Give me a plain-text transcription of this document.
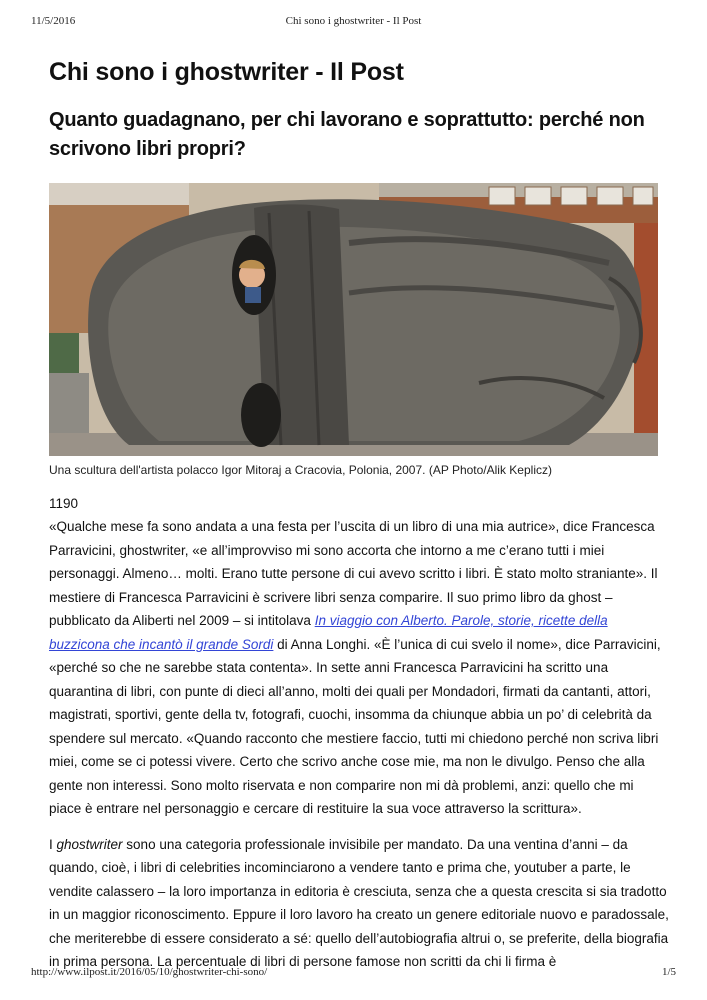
11/5/2016	Chi sono i ghostwriter - Il Post
Chi sono i ghostwriter - Il Post
Quanto guadagnano, per chi lavorano e soprattutto: perché non scrivono libri propri?
Una scultura dell'artista polacco Igor Mitoraj a Cracovia, Polonia, 2007. (AP Photo/Alik Keplicz)
1190

«Qualche mese fa sono andata a una festa per l’uscita di un libro di una mia autrice», dice Francesca Parravicini, ghostwriter, «e all’improvviso mi sono accorta che intorno a me c’erano tutti i miei personaggi. Almeno… molti. Erano tutte persone di cui avevo scritto i libri. È stato molto straniante». Il mestiere di Francesca Parravicini è scrivere libri senza comparire. Il suo primo libro da ghost – pubblicato da Aliberti nel 2009 – si intitolava In viaggio con Alberto. Parole, storie, ricette della buzzicona che incantò il grande Sordi di Anna Longhi. «È l’unica di cui svelo il nome», dice Parravicini, «perché so che ne sarebbe stata contenta». In sette anni Francesca Parravicini ha scritto una quarantina di libri, con punte di dieci all’anno, molti dei quali per Mondadori, firmati da cantanti, attori, magistrati, sportivi, gente della tv, fotografi, cuochi, insomma da chiunque abbia un po’ di celebrità da spendere sul mercato. «Quando racconto che mestiere faccio, tutti mi chiedono perché non scriva libri miei, come se ci potessi vivere. Certo che scrivo anche cose mie, ma non le divulgo. Penso che alla gente non interessi. Sono molto riservata e non comparire non mi dà problemi, anzi: quello che mi piace è entrare nel personaggio e cercare di restituire la sua voce attraverso la scrittura».

I ghostwriter sono una categoria professionale invisibile per mandato. Da una ventina d’anni – da quando, cioè, i libri di celebrities incominciarono a vendere tanto e prima che, youtuber a parte, le vendite calassero – la loro importanza in editoria è cresciuta, senza che a questa crescita si sia tradotto in un maggior riconoscimento. Eppure il loro lavoro ha creato un genere editoriale nuovo e paradossale, che meriterebbe di essere considerato a sé: quello dell’autobiografia altrui o, se preferite, della biografia in prima persona. La percentuale di libri di persone famose non scritti da chi li firma è

http://www.ilpost.it/2016/05/10/ghostwriter-chi-sono/	1/5
